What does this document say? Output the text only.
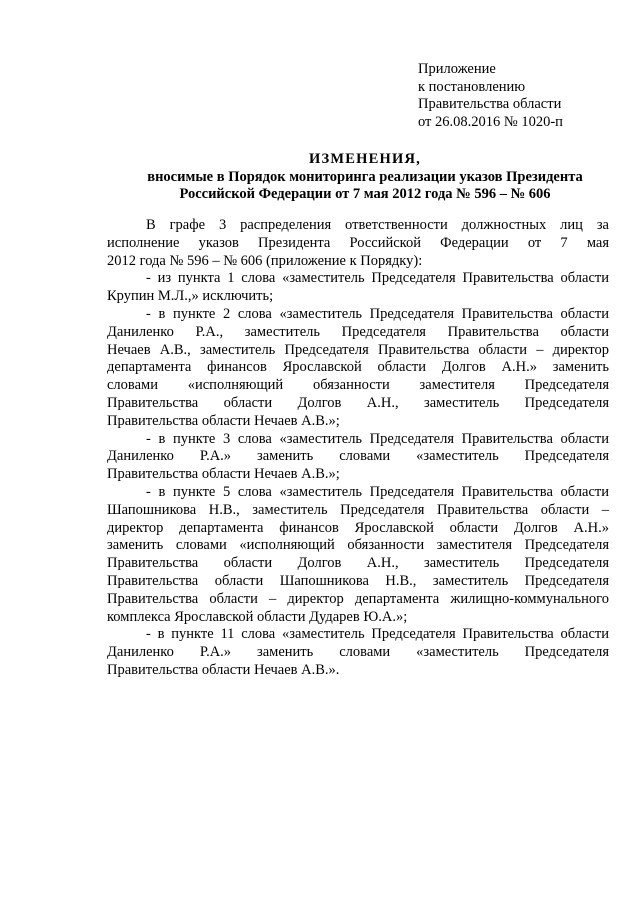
Приложение
к постановлению
Правительства области
от 26.08.2016 № 1020-п
ИЗМЕНЕНИЯ,
вносимые в Порядок мониторинга реализации указов Президента
Российской Федерации от 7 мая 2012 года № 596 – № 606
В графе 3 распределения ответственности должностных лиц за
исполнение указов Президента Российской Федерации от 7 мая
2012 года № 596 – № 606 (приложение к Порядку):
- из пункта 1 слова «заместитель Председателя Правительства области
Крупин М.Л.,» исключить;
- в пункте 2 слова «заместитель Председателя Правительства области
Даниленко Р.А., заместитель Председателя Правительства области
Нечаев А.В., заместитель Председателя Правительства области – директор
департамента финансов Ярославской области Долгов А.Н.» заменить
словами «исполняющий обязанности заместителя Председателя
Правительства области Долгов А.Н., заместитель Председателя
Правительства области Нечаев А.В.»;
- в пункте 3 слова «заместитель Председателя Правительства области
Даниленко Р.А.» заменить словами «заместитель Председателя
Правительства области Нечаев А.В.»;
- в пункте 5 слова «заместитель Председателя Правительства области
Шапошникова Н.В., заместитель Председателя Правительства области –
директор департамента финансов Ярославской области Долгов А.Н.»
заменить словами «исполняющий обязанности заместителя Председателя
Правительства области Долгов А.Н., заместитель Председателя
Правительства области Шапошникова Н.В., заместитель Председателя
Правительства области – директор департамента жилищно-коммунального
комплекса Ярославской области Дударев Ю.А.»;
- в пункте 11 слова «заместитель Председателя Правительства области
Даниленко Р.А.» заменить словами «заместитель Председателя
Правительства области Нечаев А.В.».
